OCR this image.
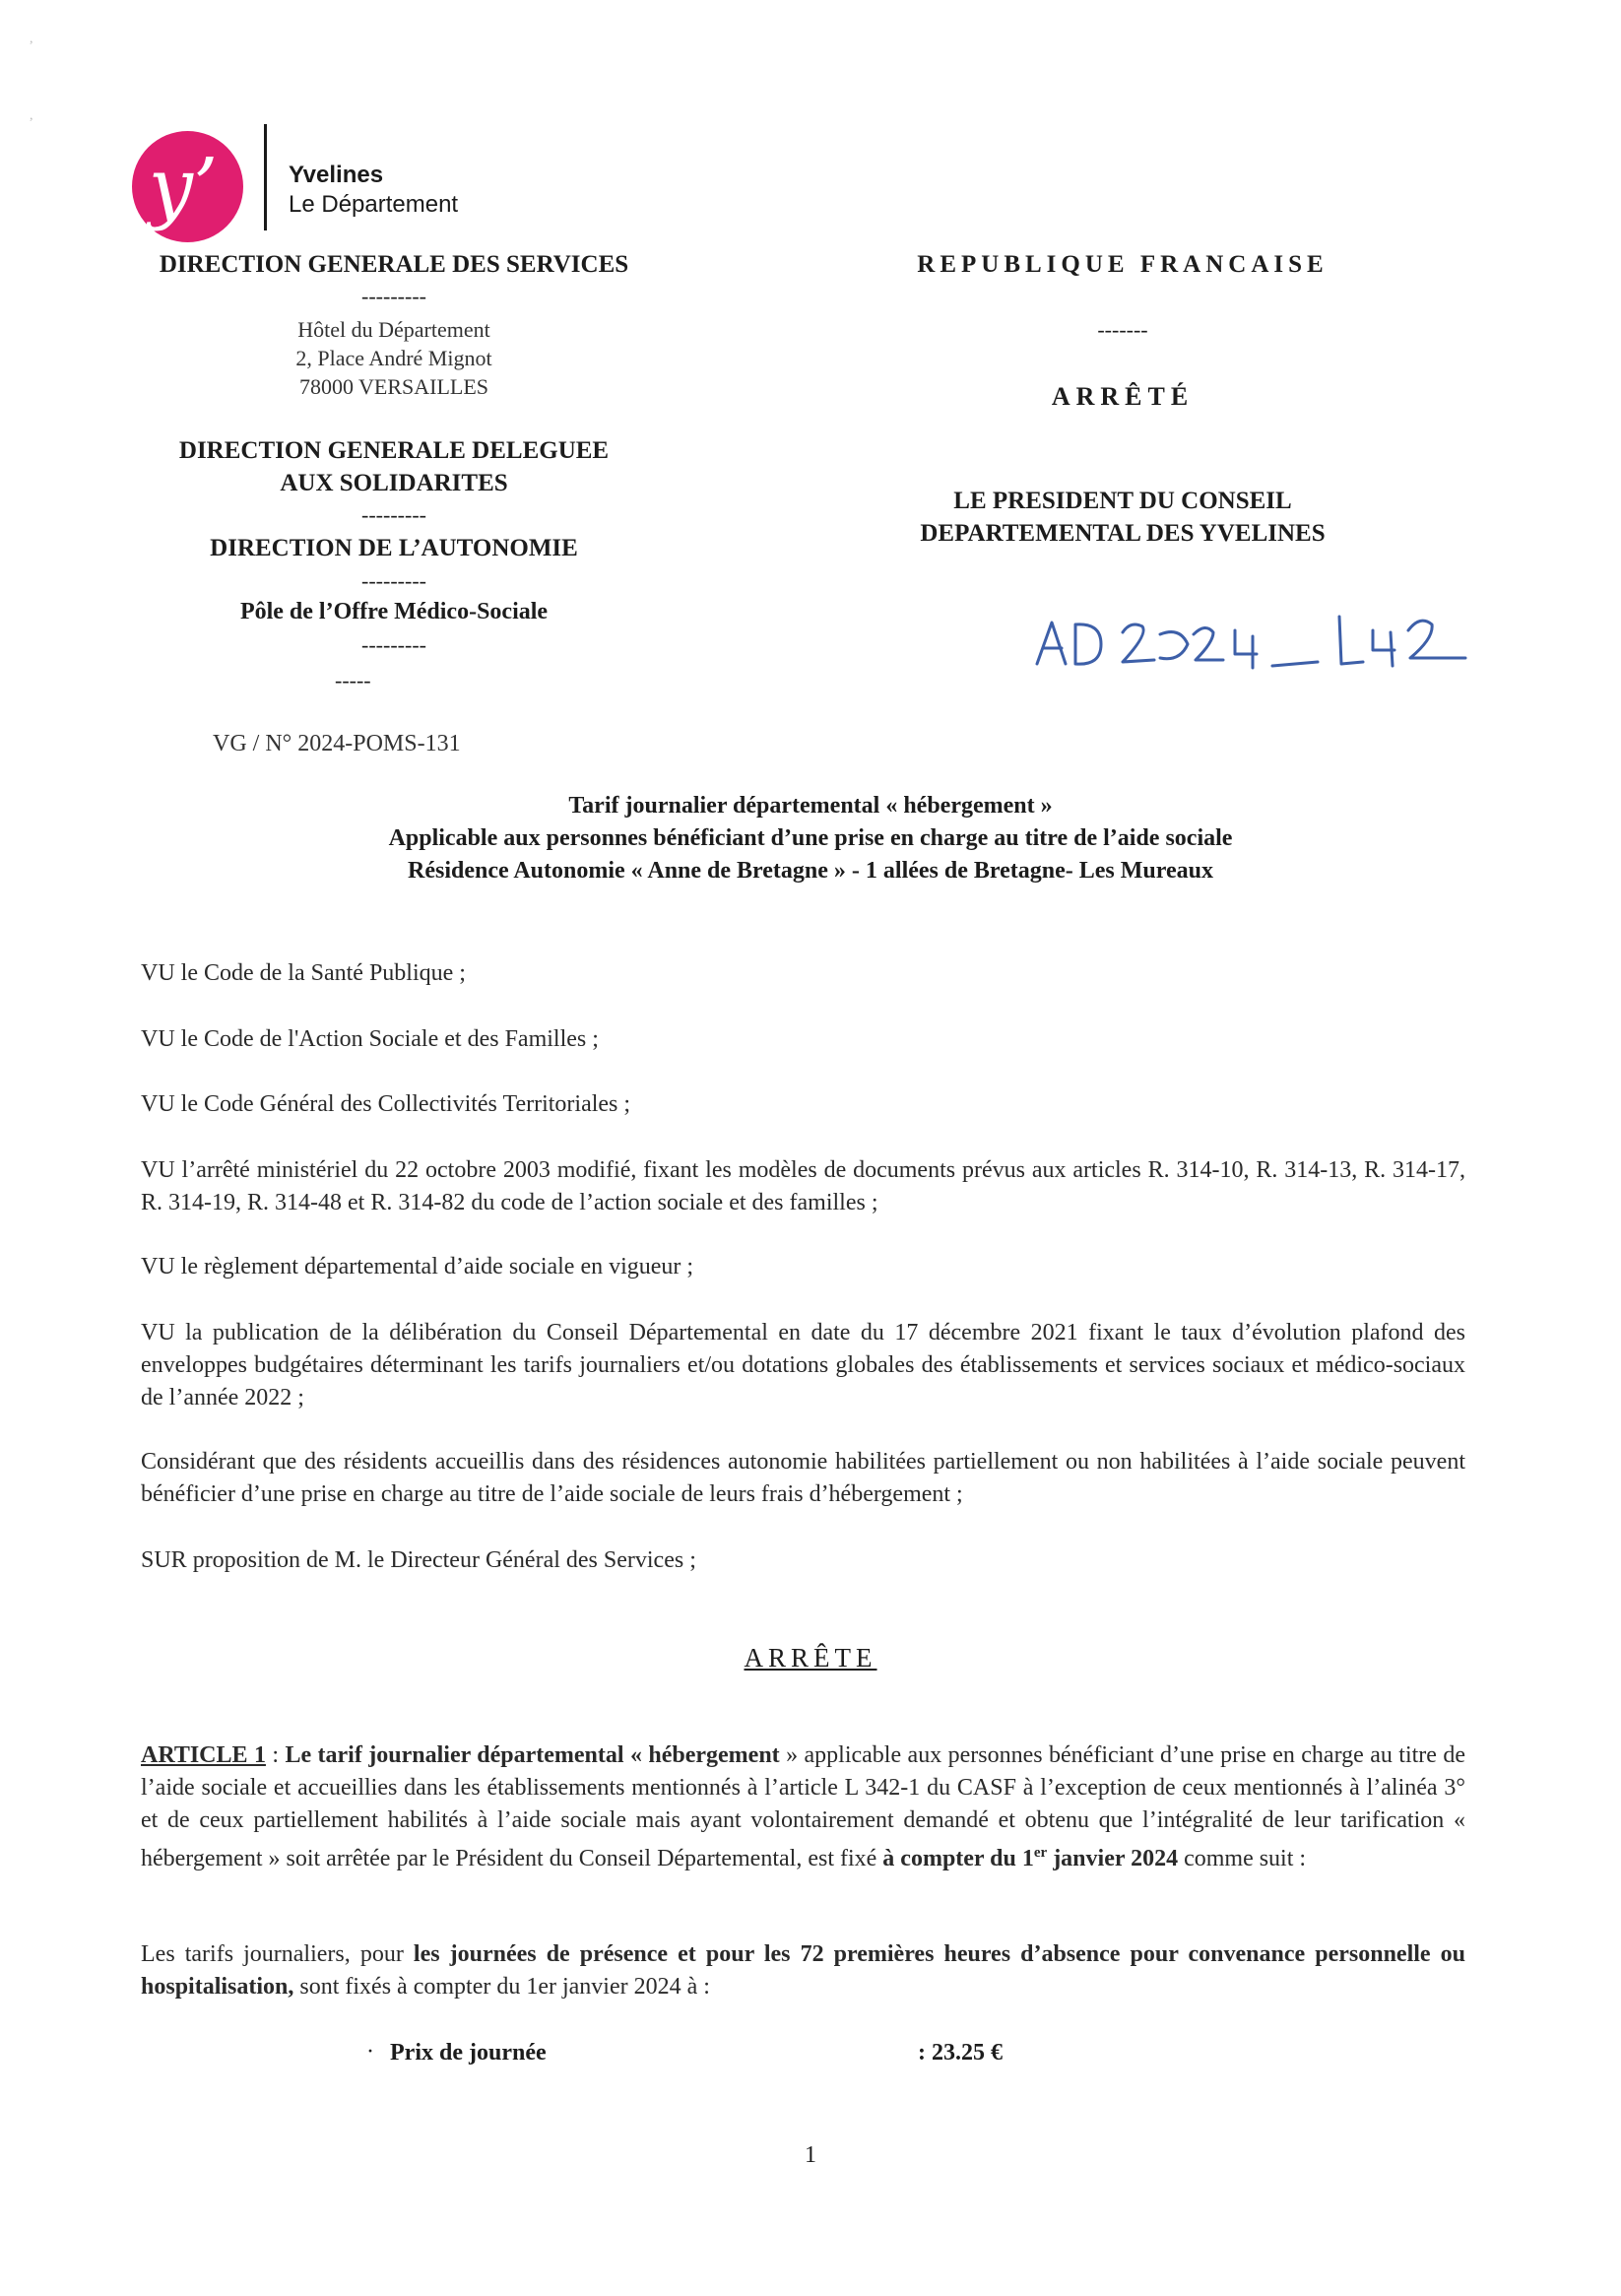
,
,
y’	Yvelines
Le Département
DIRECTION GENERALE DES SERVICES
---------
Hôtel du Département
2, Place André Mignot
78000 VERSAILLES
DIRECTION GENERALE DELEGUEE
AUX SOLIDARITES
---------
DIRECTION DE L’AUTONOMIE
---------
Pôle de l’Offre Médico-Sociale
---------
-----
VG / N° 2024-POMS-131
REPUBLIQUE FRANCAISE
-------
ARRÊTÉ
LE PRESIDENT DU CONSEIL
DEPARTEMENTAL DES YVELINES
Tarif journalier départemental « hébergement »
Applicable aux personnes bénéficiant d’une prise en charge au titre de l’aide sociale
Résidence Autonomie « Anne de Bretagne » - 1 allées de Bretagne- Les Mureaux
VU le Code de la Santé Publique ;
VU le Code de l'Action Sociale et des Familles ;
VU le Code Général des Collectivités Territoriales ;
VU l’arrêté ministériel du 22 octobre 2003 modifié, fixant les modèles de documents prévus aux articles R. 314-10, R. 314-13, R. 314-17, R. 314-19, R. 314-48 et R. 314-82 du code de l’action sociale et des familles ;
VU le règlement départemental d’aide sociale en vigueur ;
VU la publication de la délibération du Conseil Départemental en date du 17 décembre 2021 fixant le taux d’évolution plafond des enveloppes budgétaires déterminant les tarifs journaliers et/ou dotations globales des établissements et services sociaux et médico-sociaux de l’année 2022 ;
Considérant que des résidents accueillis dans des résidences autonomie habilitées partiellement ou non habilitées à l’aide sociale peuvent bénéficier d’une prise en charge au titre de l’aide sociale de leurs frais d’hébergement ;
SUR proposition de M. le Directeur Général des Services ;
ARRÊTE
ARTICLE 1 : Le tarif journalier départemental « hébergement » applicable aux personnes bénéficiant d’une prise en charge au titre de l’aide sociale et accueillies dans les établissements mentionnés à l’article L 342-1 du CASF à l’exception de ceux mentionnés à l’alinéa 3° et de ceux partiellement habilités à l’aide sociale mais ayant volontairement demandé et obtenu que l’intégralité de leur tarification « hébergement » soit arrêtée par le Président du Conseil Départemental, est fixé à compter du 1er janvier 2024 comme suit :
Les tarifs journaliers, pour les journées de présence et pour les 72 premières heures d’absence pour convenance personnelle ou hospitalisation, sont fixés à compter du 1er janvier 2024 à :
· Prix de journée	: 23.25 €
1
